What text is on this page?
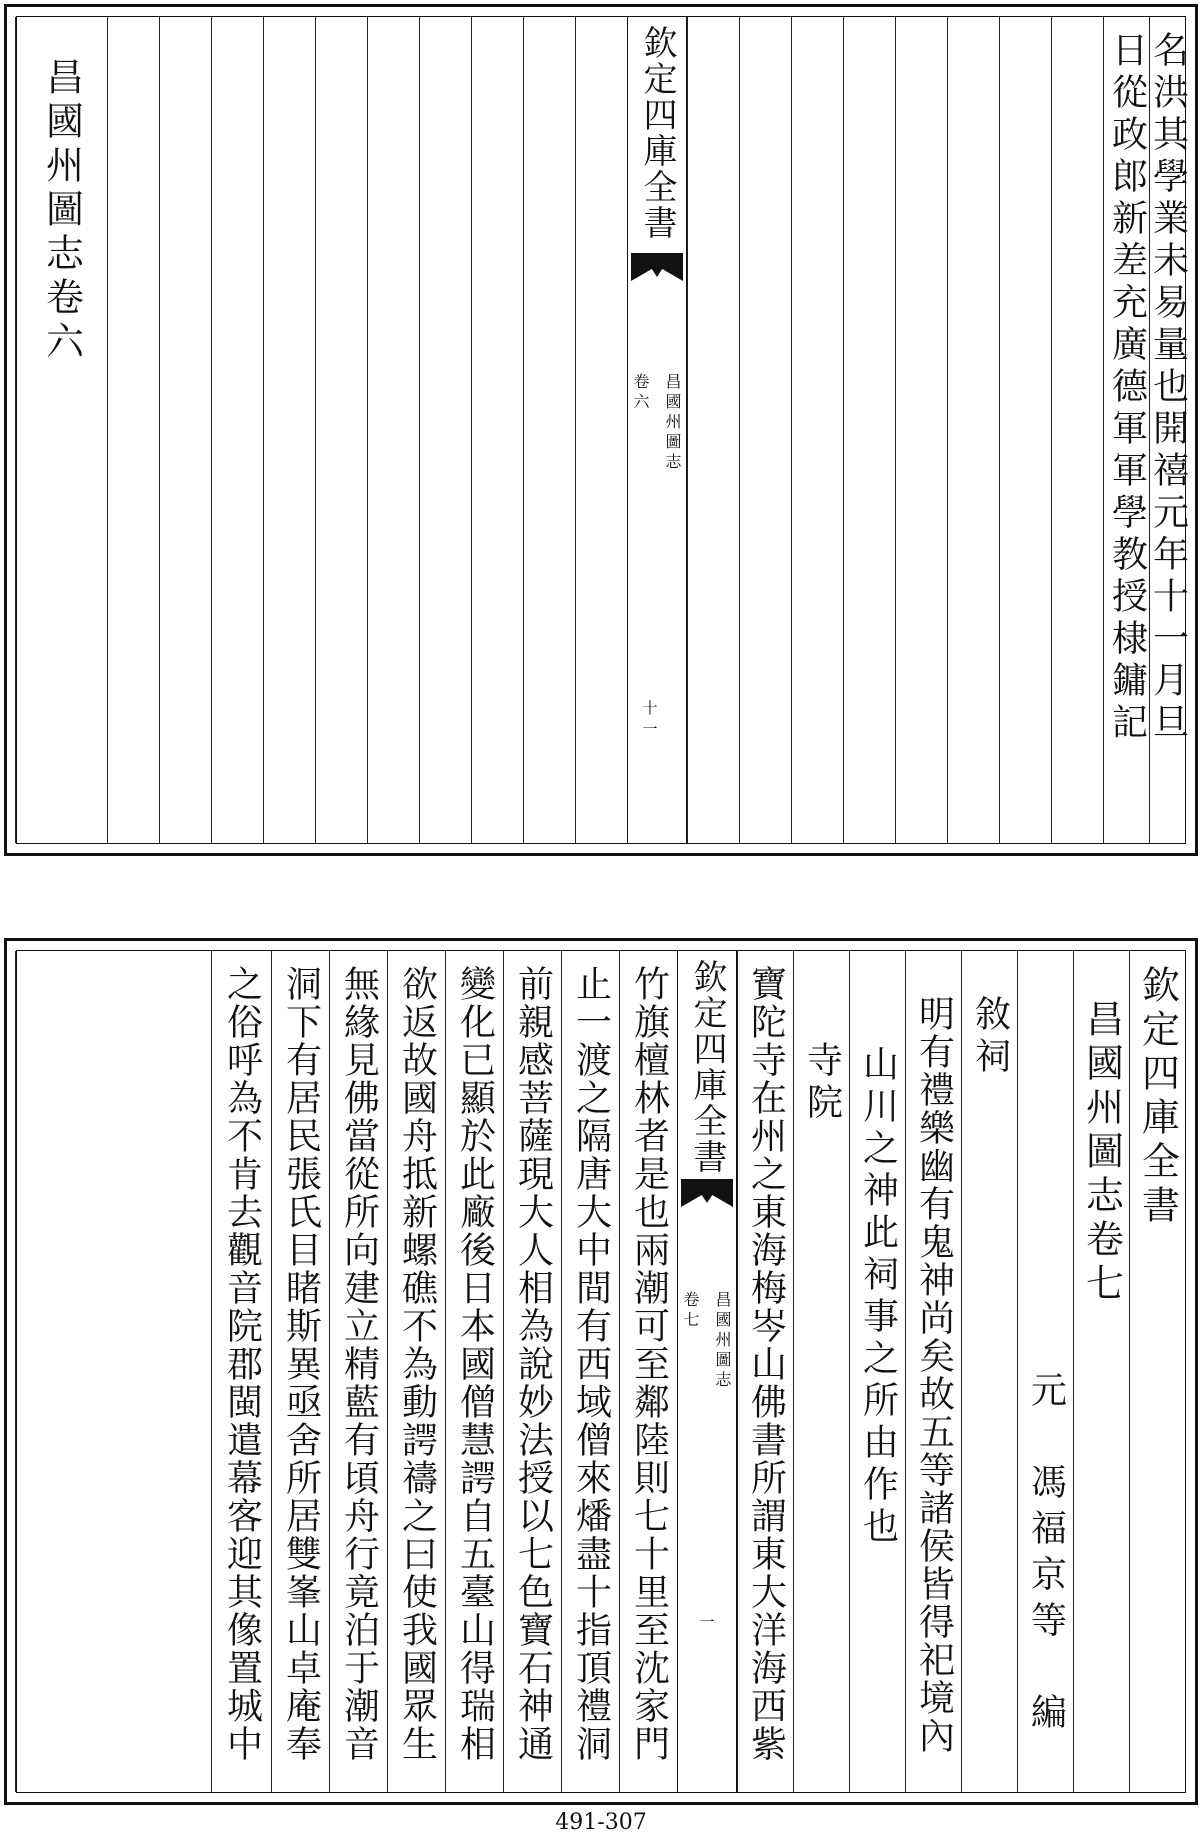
名洪其學業未易量也開禧元年十一月旦
日從政郎新差充廣德軍軍學教授棣鏞記
欽定四庫全書
昌國州圖志
卷六
十一
昌國州圖志卷六
欽定四庫全書
昌國州圖志卷七
元　馮福京等　編
敘祠
明有禮樂幽有鬼神尚矣故五等諸侯皆得祀境內
山川之神此祠事之所由作也
寺院
寶陀寺在州之東海梅岑山佛書所謂東大洋海西紫
欽定四庫全書
昌國州圖志
卷七
一
竹旗檀林者是也兩潮可至鄰陸則七十里至沈家門
止一渡之隔唐大中間有西域僧來燔盡十指頂禮洞
前親感菩薩現大人相為說妙法授以七色寶石神通
變化已顯於此廠後日本國僧慧諤自五臺山得瑞相
欲返故國舟抵新螺礁不為動諤禱之曰使我國眾生
無緣見佛當從所向建立精藍有頃舟行竟泊于潮音
洞下有居民張氏目睹斯異亟舍所居雙峯山卓庵奉
之俗呼為不肯去觀音院郡閩遣幕客迎其像置城中
491-307
